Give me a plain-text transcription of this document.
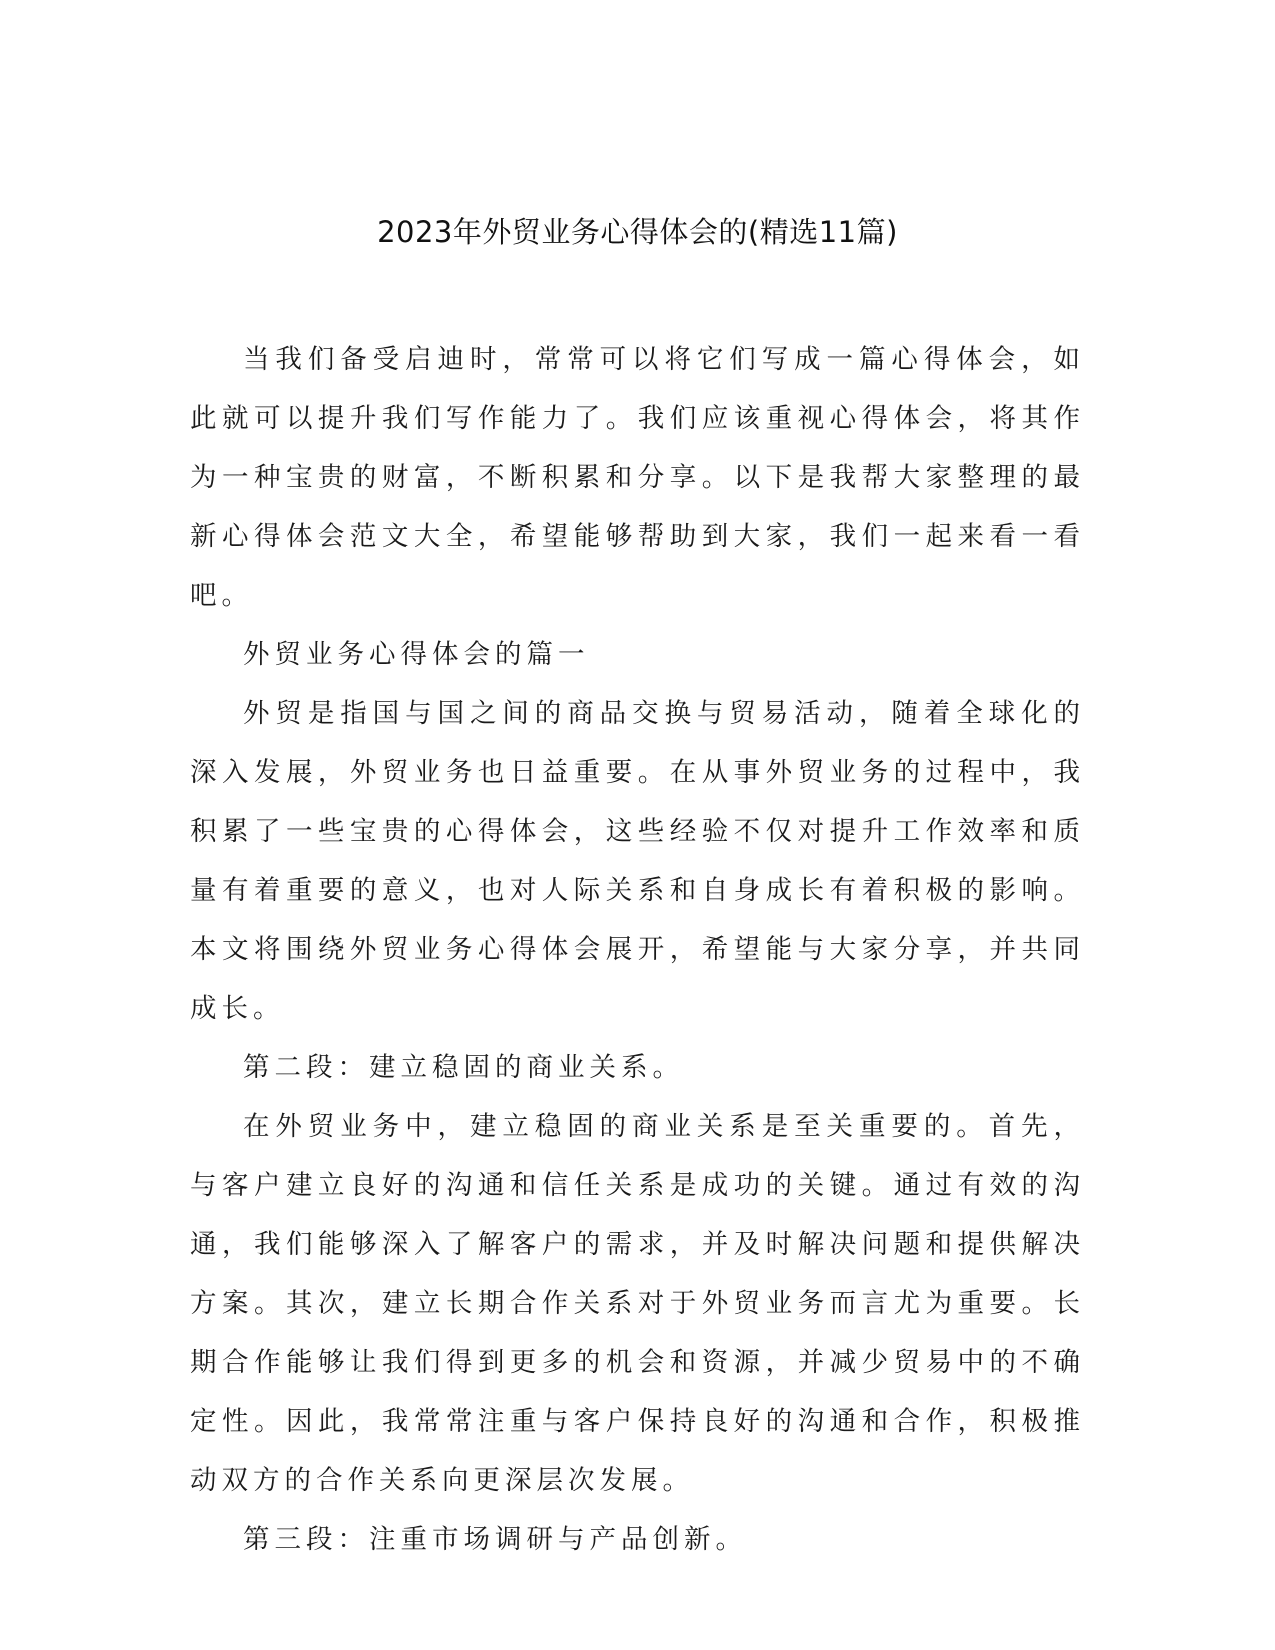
2023年外贸业务心得体会的(精选11篇)

当我们备受启迪时，常常可以将它们写成一篇心得体会，如此就可以提升我们写作能力了。我们应该重视心得体会，将其作为一种宝贵的财富，不断积累和分享。以下是我帮大家整理的最新心得体会范文大全，希望能够帮助到大家，我们一起来看一看吧。

外贸业务心得体会的篇一

外贸是指国与国之间的商品交换与贸易活动，随着全球化的深入发展，外贸业务也日益重要。在从事外贸业务的过程中，我积累了一些宝贵的心得体会，这些经验不仅对提升工作效率和质量有着重要的意义，也对人际关系和自身成长有着积极的影响。本文将围绕外贸业务心得体会展开，希望能与大家分享，并共同成长。

第二段：建立稳固的商业关系。

在外贸业务中，建立稳固的商业关系是至关重要的。首先，与客户建立良好的沟通和信任关系是成功的关键。通过有效的沟通，我们能够深入了解客户的需求，并及时解决问题和提供解决方案。其次，建立长期合作关系对于外贸业务而言尤为重要。长期合作能够让我们得到更多的机会和资源，并减少贸易中的不确定性。因此，我常常注重与客户保持良好的沟通和合作，积极推动双方的合作关系向更深层次发展。

第三段：注重市场调研与产品创新。
